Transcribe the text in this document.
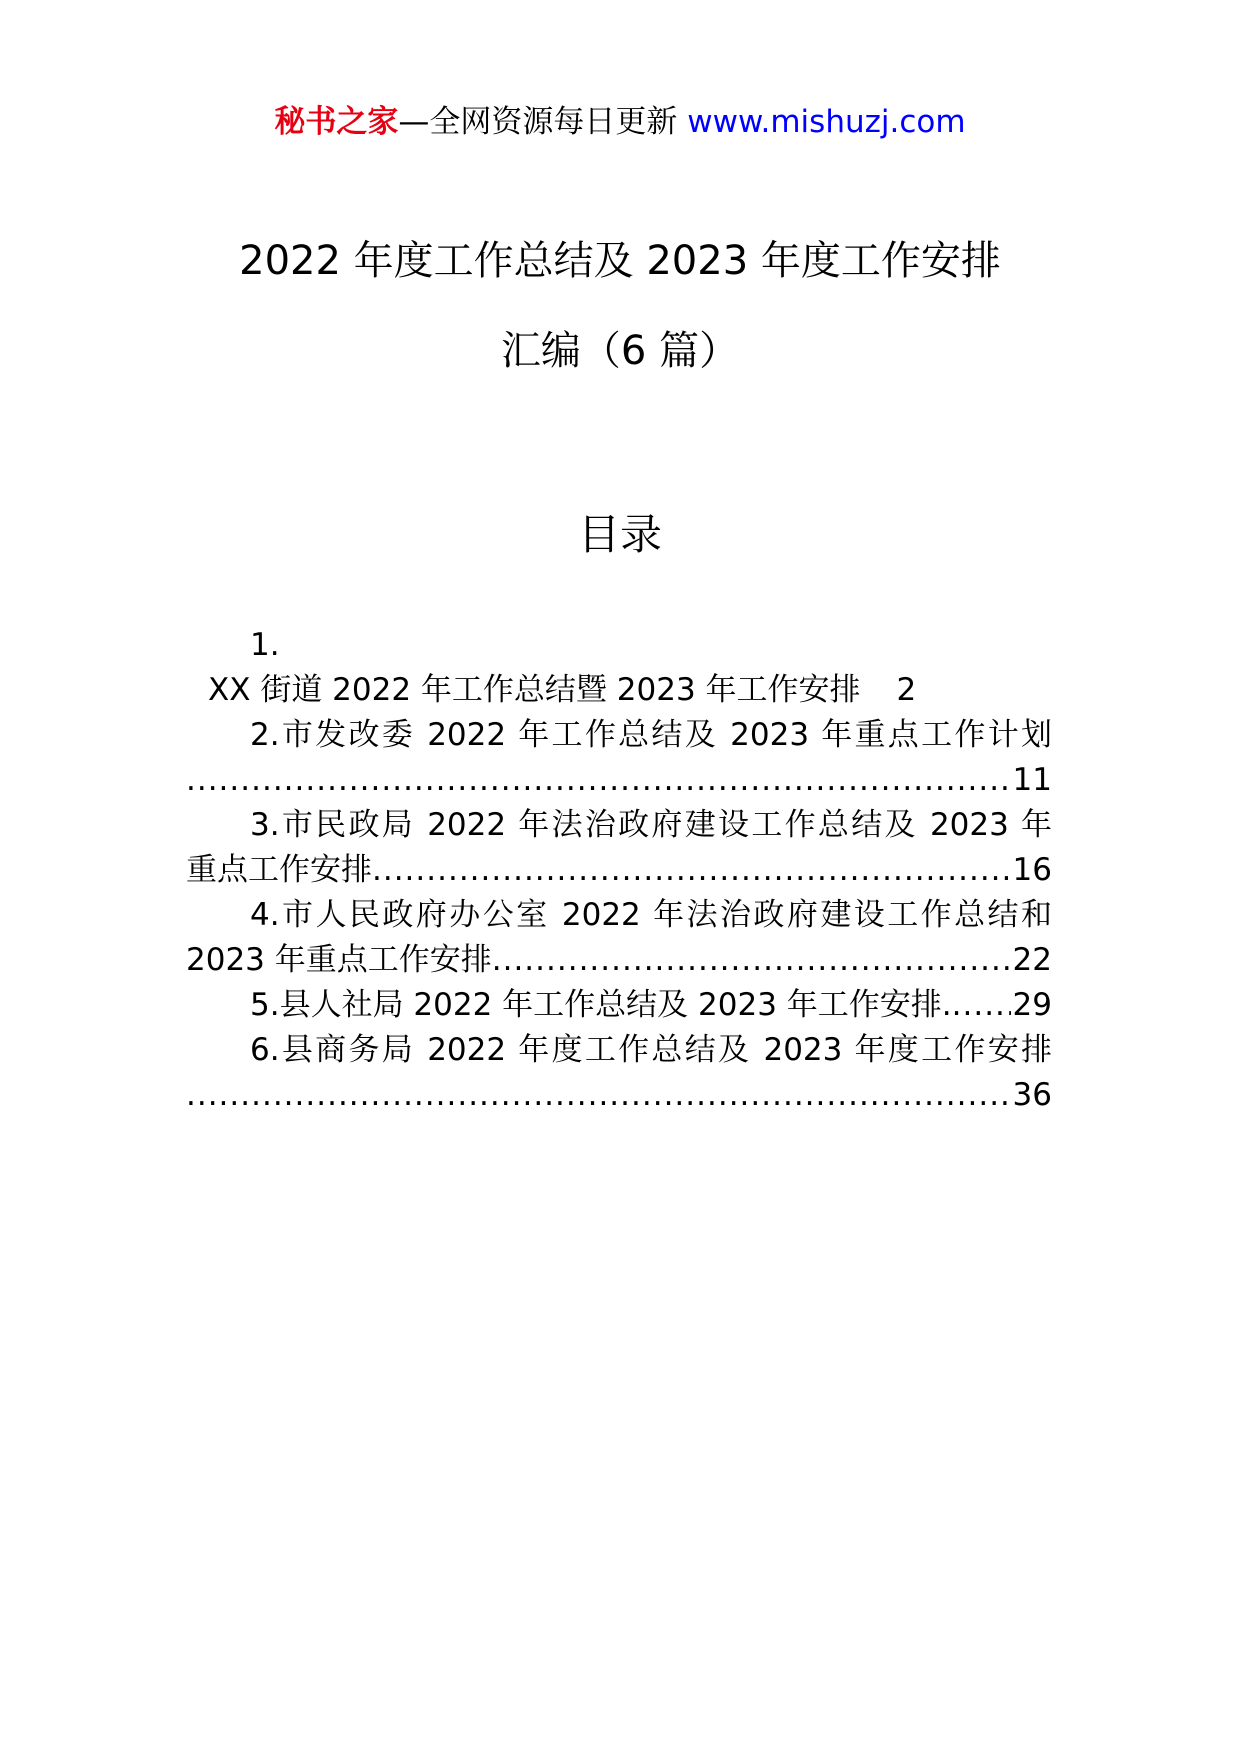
秘书之家—全网资源每日更新 www.mishuzj.com
2022 年度工作总结及 2023 年度工作安排
汇编（6 篇）
目录
1.
XX 街道 2022 年工作总结暨 2023 年工作安排 2
2.市发改委 2022 年工作总结及 2023 年重点工作计划
.....
11
3.市民政局 2022 年法治政府建设工作总结及 2023 年
重点工作安排 .....	16
4.市人民政府办公室 2022 年法治政府建设工作总结和
2023 年重点工作安排 .....	22
5.县人社局 2022 年工作总结及 2023 年工作安排. ..... 29
6.县商务局 2022 年度工作总结及 2023 年度工作安排
.....
36
